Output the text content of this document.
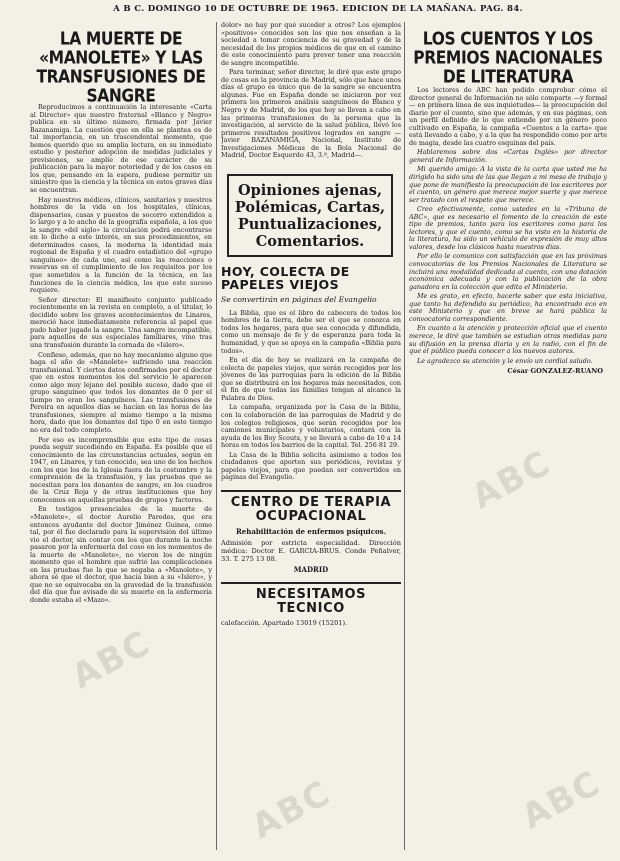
A B C. DOMINGO 10 DE OCTUBRE DE 1965. EDICION DE LA MAÑANA. PAG. 84.
LA MUERTE DE «MANOLETE» Y LAS TRANSFUSIONES DE SANGRE

Reproducimos a continuación la interesante «Carta al Director» que nuestro fraternal «Blanco y Negro» publica en su último número, firmada por Javier Bazanamiga. La cuestión que en ella se plantea es de tal importancia, en un trascendental momento, que hemos querido que su amplia lectura, en su inmediato estudio y posterior adopción de medidas judiciales y previsiones, se amplíe de ese carácter de su publicación para la mayor notoriedad y de los casos en los que, pensando en la espera, pudiese permitir un siniestro que la ciencia y la técnica en estos graves días se encuentran.

Hay nuestros médicos, clínicos, sanitarios y nuestros hombres de la vida en los hospitales, clínicas, dispensarios, casas y puestos de socorro extendidos a lo largo y a lo ancho de la geografía española, a los que la sangre «del siglo» la circulación podrá encontrarse en lo dicho a este interés, en sus procedimientos, en determinados casos, la moderna la identidad más regional de España y el cuadro estadístico del «grupo sanguíneo» de cada uno, así como las reacciones o reservas en el cumplimiento de los requisitos por los que sometidos a la función de la técnica, en las funciones de la ciencia médica, los que este suceso requiere.

Señor director: El manifiesto conjunto publicado recientemente en la revista en completo, a el titular, lo decidido sobre los graves acontecimientos de Linares, mereció hace inmediatamente referencia al papel que pudo haber jugado la sangre. Una sangre incompatible, para aquellos de sus especiales familiares, vino tras una transfusión durante la cornada de «Islero».

Confieso, además, que no hay mecanismo alguno que haga el año de «Manolete» sufriendo una reacción transfusional. Y ciertos datos confirmados por el doctor que en estos momentos los del servicio le aparecen como algo muy lejano del posible suceso, dado que el grupo sanguíneo que todos los donantes de 0 por el tiempo no eran los sanguíneos. Las transfusiones de Pereira en aquellos días se hacían en las horas de las transfusiones, siempre al mismo tiempo a la misma hora, dado que los donantes del tipo 0 en este tiempo no era del todo completo.

Por eso es incomprensible que este tipo de cosas pueda seguir sucediendo en España. Es posible que el conocimiento de las circunstancias actuales, según en 1947, en Linares, y tan conocido, sea uno de los hechos con los que los de la Iglesia fuera de la costumbre y la comprensión de la transfusión, y las pruebas que se necesitan para los donantes de sangre, en los cuadros de la Cruz Roja y de otras instituciones que hoy conocemos en aquellas pruebas de grupos y factores.

En testigos presenciales de la muerte de «Manolete», el doctor Aurelio Paredes, que era entonces ayudante del doctor Jiménez Guinea, como tal, por él fue declarado para la supervisión del último vio el doctor, sin contar con los que durante la noche pasaron por la enfermería del coso en los momentos de la muerte de «Manolete», no vieron los de ningún momento que el hombre que sufrió las complicaciones en las pruebas fue la que se negaba a «Manolete», y ahora sé que el doctor, que hacía bien a su «Islero», y que no se equivocaba en la gravedad de la transfusión del día que fue avisado de su muerte en la enfermería donde estaba el «Mazo».

dolor» no hay por qué suceder a otros? Los ejemplos «positivos» conocidos son los que nos enseñan a la sociedad a tomar conciencia de su gravedad y de la necesidad de los propios médicos de que en el camino de este conocimiento para prever tener una reacción de sangre incompatible.

Para terminar, señor director, le diré que este grupo de cosas en la provincia de Madrid, sólo que hace unos días el grupo es único que de la sangre se encuentra algunas. Fue en España donde se iniciaron por vez primera los primeros análisis sanguíneos de Blanco y Negro y de Madrid, de los que hoy se llevan a cabo en las primeras transfusiones de la persona que la investigación, al servicio de la salud pública, llevó los primeros resultados positivos logrados en sangre —Javier BAZANAMIGA, Nacional, Instituto de Investigaciones Médicas de la Bola Nacional de Madrid, Doctor Esquerdo 43, 3.º, Madrid—.

Opiniones ajenas,
Polémicas, Cartas,
Puntualizaciones,
Comentarios.
HOY, COLECTA DE PAPELES VIEJOS

Se convertirán en páginas del Evangelio

La Biblia, que es el libro de cabecera de todos los hombres de la tierra, debe ser el que se conozca en todos los hogares, para que sea conocida y difundida, como un mensaje de fe y de esperanza para toda la humanidad, y que se apoya en la campaña «Biblia para todos».

En el día de hoy se realizará en la campaña de colecta de papeles viejos, que serán recogidos por los jóvenes de las parroquias para la edición de la Biblia que se distribuirá en los hogares más necesitados, con el fin de que todas las familias tengan al alcance la Palabra de Dios.

La campaña, organizada por la Casa de la Biblia, con la colaboración de las parroquias de Madrid y de los colegios religiosos, que serán recogidos por los camiones municipales y voluntarios, contará con la ayuda de los Boy Scouts, y se llevará a cabo de 10 a 14 horas en todos los barrios de la capital. Tel. 256 81 29.

La Casa de la Biblia solicita asimismo a todos los ciudadanos que aporten sus periódicos, revistas y papeles viejos, para que puedan ser convertidos en páginas del Evangelio.

CENTRO DE TERAPIA OCUPACIONAL
Rehabilitación de enfermos psíquicos.
Admisión por estricta especialidad. Dirección médica: Doctor E. GARCIA-BRUS. Conde Peñalver, 33. T. 275 13 08.
MADRID
NECESITAMOS TECNICO
calefacción. Apartado 13019 (15201).
LOS CUENTOS Y LOS PREMIOS NACIONALES DE LITERATURA

Los lectores de ABC han podido comprobar cómo el director general de Información no sólo comparte —y formal— en primera línea de sus inquietudes— la preocupación del diario por el cuento, sino que además, y en sus páginas, con un perfil definido de lo que entiende por un género poco cultivado en España, la campaña «Cuentos a la carta» que está llevando a cabo, y a la que ha respondido como por arte de magia, desde las cuatro esquinas del país.

Hablaremos sobre dos «Cartas Inglés» por director general de Información.

Mi querido amigo: A la vista de la carta que usted me ha dirigido ha sido una de las que llegan a mi mesa de trabajo y que pone de manifiesto la preocupación de los escritores por el cuento, un género que merece mejor suerte y que merece ser tratado con el respeto que merece.

Creo efectivamente, como ustedes en la «Tribuna de ABC», que es necesario el fomento de la creación de este tipo de premios, tanto para los escritores como para los lectores, y que el cuento, como se ha visto en la historia de la literatura, ha sido un vehículo de expresión de muy altos valores, desde los clásicos hasta nuestros días.

Por ello le comunico con satisfacción que en las próximas convocatorias de los Premios Nacionales de Literatura se incluirá una modalidad dedicada al cuento, con una dotación económica adecuada y con la publicación de la obra ganadora en la colección que edita el Ministerio.

Me es grato, en efecto, hacerle saber que esta iniciativa, que tanto ha defendido su periódico, ha encontrado eco en este Ministerio y que en breve se hará pública la convocatoria correspondiente.

En cuanto a la atención y protección oficial que el cuento merece, le diré que también se estudian otras medidas para su difusión en la prensa diaria y en la radio, con el fin de que el público pueda conocer a los nuevos autores.

Le agradezco su atención y le envío un cordial saludo.

César GONZALEZ-RUANO
ABC
ABC
ABC
ABC
